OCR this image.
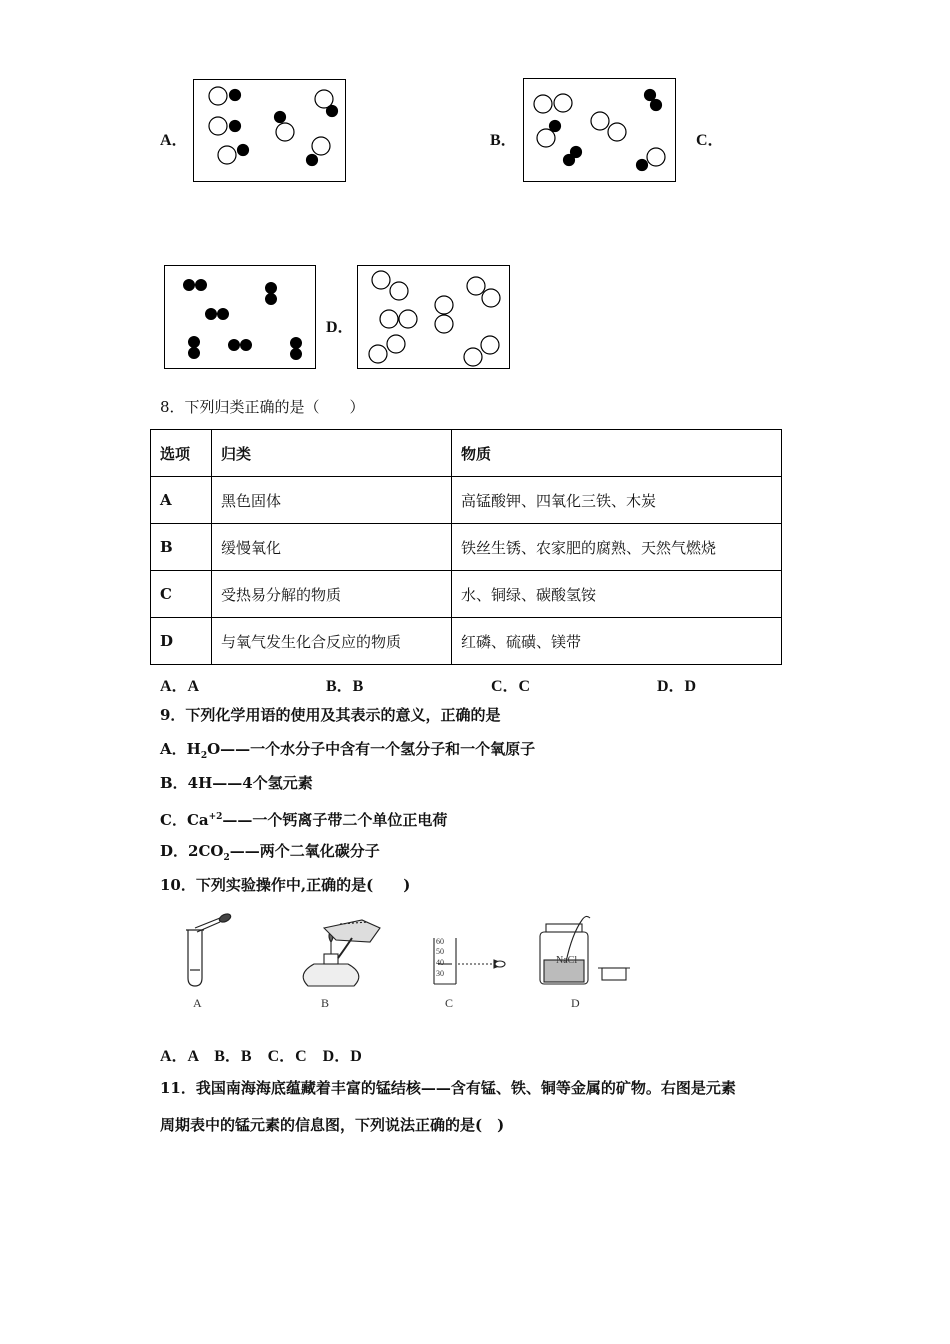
A．	B．	C．
D．
8．下列归类正确的是（　　）
选项	归类	物质
A	黑色固体	高锰酸钾、四氧化三铁、木炭
B	缓慢氧化	铁丝生锈、农家肥的腐熟、天然气燃烧
C	受热易分解的物质	水、铜绿、碳酸氢铵
D	与氧气发生化合反应的物质	红磷、硫磺、镁带
A．A	B．B	C．C	D．D
9．下列化学用语的使用及其表示的意义，正确的是
A．$H_2O——$一个水分子中含有一个氢分子和一个氧原子
B．4H——4个氢元素
C．$Ca^{+2}——$一个钙离子带二个单位正电荷
D．$2CO_2——$两个二氧化碳分子
10．下列实验操作中,正确的是(　　)
A	B
60
50
40
30
C
NaCl
D
A．A　B．B　C．C　D．D
11．我国南海海底蕴藏着丰富的锰结核——含有锰、铁、铜等金属的矿物。右图是元素
周期表中的锰元素的信息图，下列说法正确的是(　)
